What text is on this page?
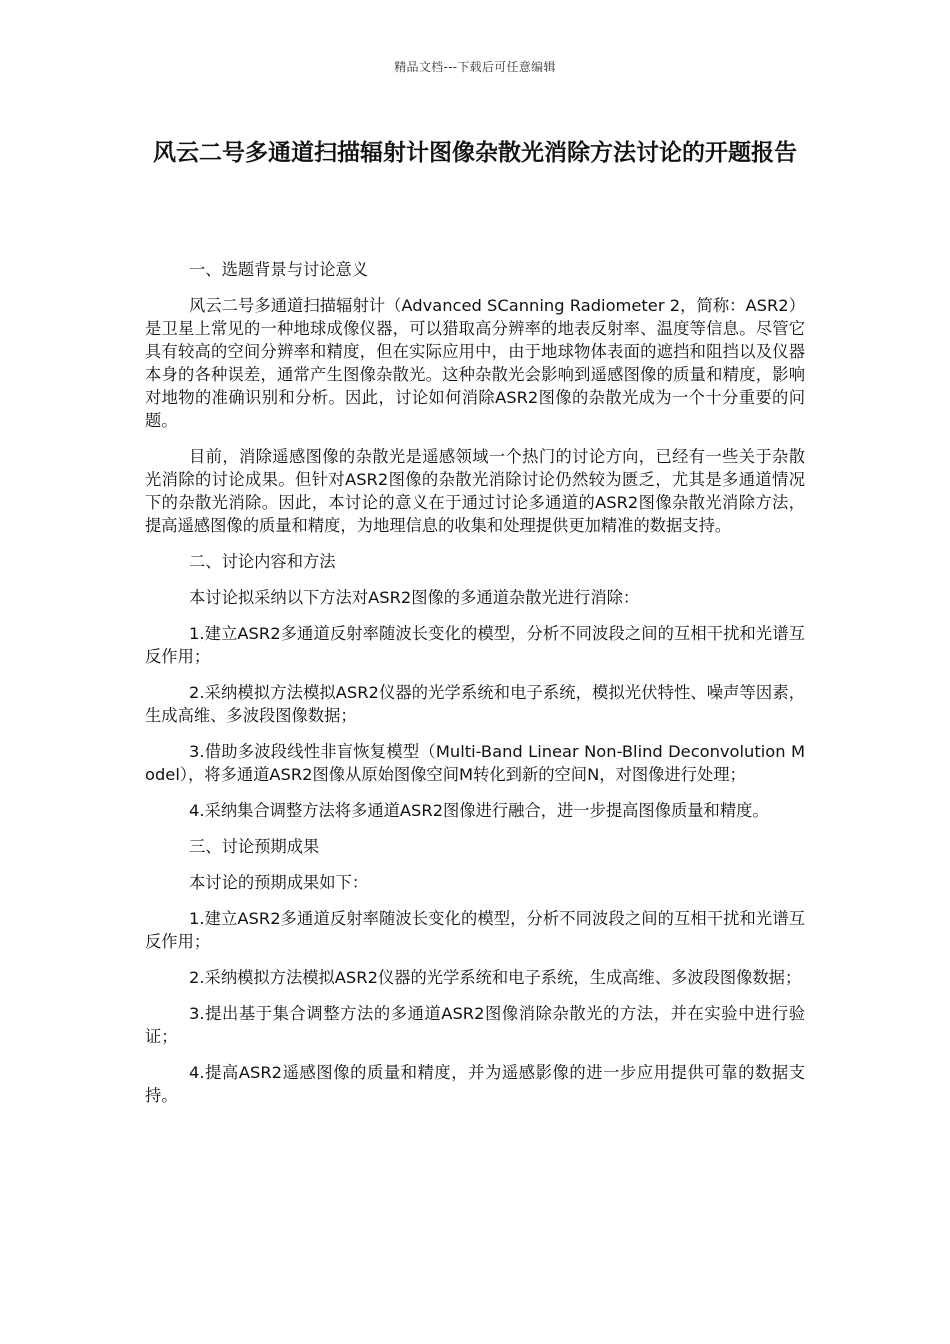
精品文档---下载后可任意编辑
风云二号多通道扫描辐射计图像杂散光消除方法讨论的开题报告

一、选题背景与讨论意义

风云二号多通道扫描辐射计（Advanced SCanning Radiometer 2，简称：ASR2）是卫星上常见的一种地球成像仪器，可以猎取高分辨率的地表反射率、温度等信息。尽管它具有较高的空间分辨率和精度，但在实际应用中，由于地球物体表面的遮挡和阻挡以及仪器本身的各种误差，通常产生图像杂散光。这种杂散光会影响到遥感图像的质量和精度，影响对地物的准确识别和分析。因此，讨论如何消除ASR2图像的杂散光成为一个十分重要的问题。

目前，消除遥感图像的杂散光是遥感领域一个热门的讨论方向，已经有一些关于杂散光消除的讨论成果。但针对ASR2图像的杂散光消除讨论仍然较为匮乏，尤其是多通道情况下的杂散光消除。因此，本讨论的意义在于通过讨论多通道的ASR2图像杂散光消除方法，提高遥感图像的质量和精度，为地理信息的收集和处理提供更加精准的数据支持。

二、讨论内容和方法

本讨论拟采纳以下方法对ASR2图像的多通道杂散光进行消除：

1.建立ASR2多通道反射率随波长变化的模型，分析不同波段之间的互相干扰和光谱互反作用；

2.采纳模拟方法模拟ASR2仪器的光学系统和电子系统，模拟光伏特性、噪声等因素，生成高维、多波段图像数据；

3.借助多波段线性非盲恢复模型（Multi-Band Linear Non-Blind Deconvolution Model），将多通道ASR2图像从原始图像空间M转化到新的空间N，对图像进行处理；

4.采纳集合调整方法将多通道ASR2图像进行融合，进一步提高图像质量和精度。

三、讨论预期成果

本讨论的预期成果如下：

1.建立ASR2多通道反射率随波长变化的模型，分析不同波段之间的互相干扰和光谱互反作用；

2.采纳模拟方法模拟ASR2仪器的光学系统和电子系统，生成高维、多波段图像数据；

3.提出基于集合调整方法的多通道ASR2图像消除杂散光的方法，并在实验中进行验证；

4.提高ASR2遥感图像的质量和精度，并为遥感影像的进一步应用提供可靠的数据支持。
